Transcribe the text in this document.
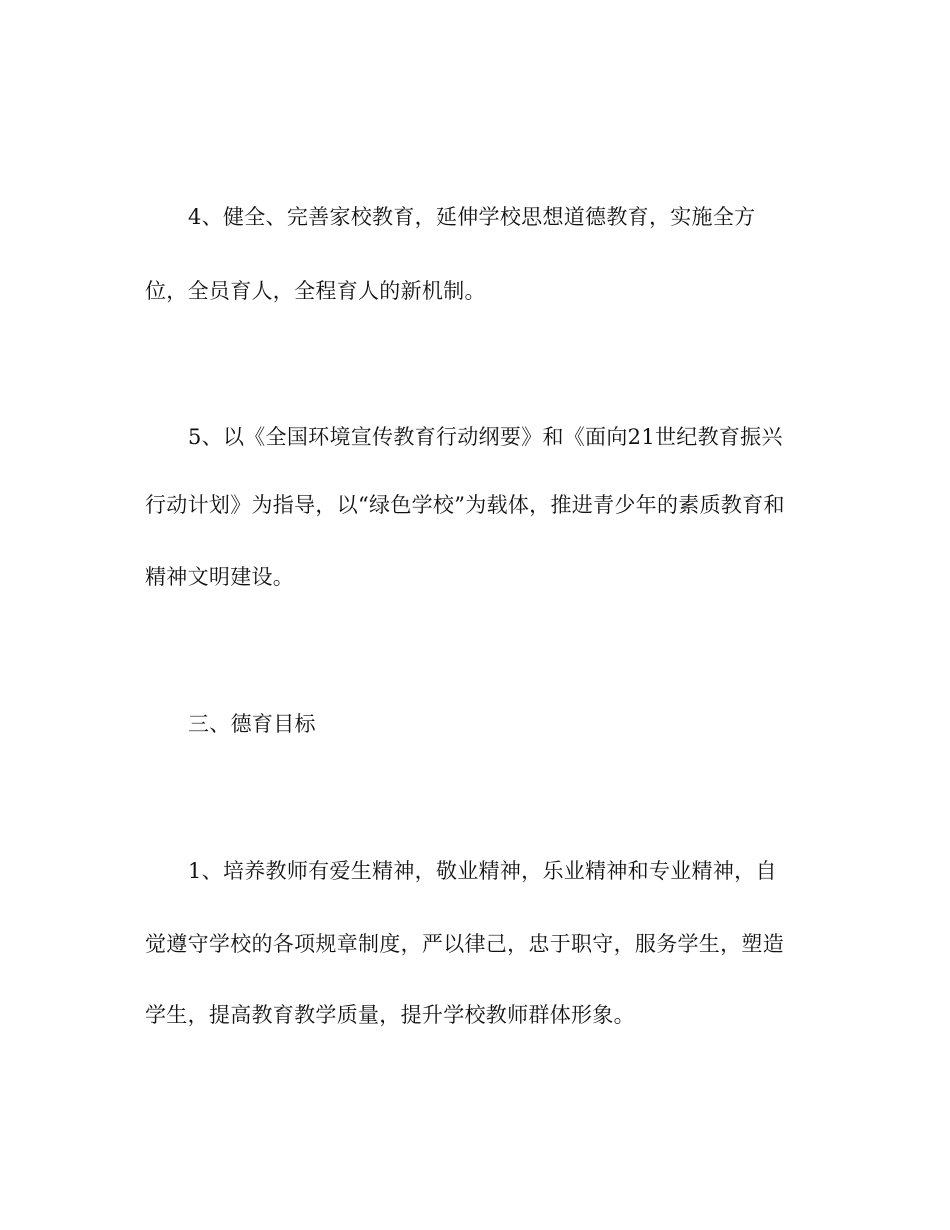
4、健全、完善家校教育，延伸学校思想道德教育，实施全方
位，全员育人，全程育人的新机制。
5、以《全国环境宣传教育行动纲要》和《面向21世纪教育振兴
行动计划》为指导，以“绿色学校”为载体，推进青少年的素质教育和
精神文明建设。
三、德育目标
1、培养教师有爱生精神，敬业精神，乐业精神和专业精神，自
觉遵守学校的各项规章制度，严以律己，忠于职守，服务学生，塑造
学生，提高教育教学质量，提升学校教师群体形象。
